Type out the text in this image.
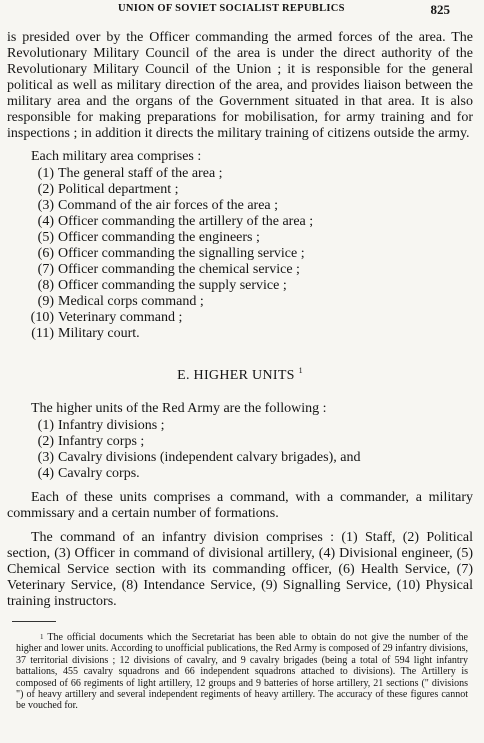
UNION OF SOVIET SOCIALIST REPUBLICS	825

is presided over by the Officer commanding the armed forces of the area. The Revolutionary Military Council of the area is under the direct authority of the Revolutionary Military Council of the Union ; it is responsible for the general political as well as military direction of the area, and provides liaison between the military area and the organs of the Government situated in that area. It is also responsible for making preparations for mobilisation, for army training and for inspections ; in addition it directs the military training of citizens outside the army.

Each military area comprises :

(1) The general staff of the area ;
(2) Political department ;
(3) Command of the air forces of the area ;
(4) Officer commanding the artillery of the area ;
(5) Officer commanding the engineers ;
(6) Officer commanding the signalling service ;
(7) Officer commanding the chemical service ;
(8) Officer commanding the supply service ;
(9) Medical corps command ;
(10) Veterinary command ;
(11) Military court.
E. HIGHER UNITS $^1$

The higher units of the Red Army are the following :

(1) Infantry divisions ;
(2) Infantry corps ;
(3) Cavalry divisions (independent calvary brigades), and
(4) Cavalry corps.

Each of these units comprises a command, with a commander, a military commissary and a certain number of formations.

The command of an infantry division comprises : (1) Staff, (2) Political section, (3) Officer in command of divisional artillery, (4) Divisional engineer, (5) Chemical Service section with its commanding officer, (6) Health Service, (7) Veterinary Service, (8) Intendance Service, (9) Signalling Service, (10) Physical training instructors.

$^1$ The official documents which the Secretariat has been able to obtain do not give the number of the higher and lower units. According to unofficial publications, the Red Army is composed of 29 infantry divisions, 37 territorial divisions ; 12 divisions of cavalry, and 9 cavalry brigades (being a total of 594 light infantry battalions, 455 cavalry squadrons and 66 independent squadrons attached to divisions). The Artillery is composed of 66 regiments of light artillery, 12 groups and 9 batteries of horse artillery, 21 sections (" divisions ") of heavy artillery and several independent regiments of heavy artillery. The accuracy of these figures cannot be vouched for.
